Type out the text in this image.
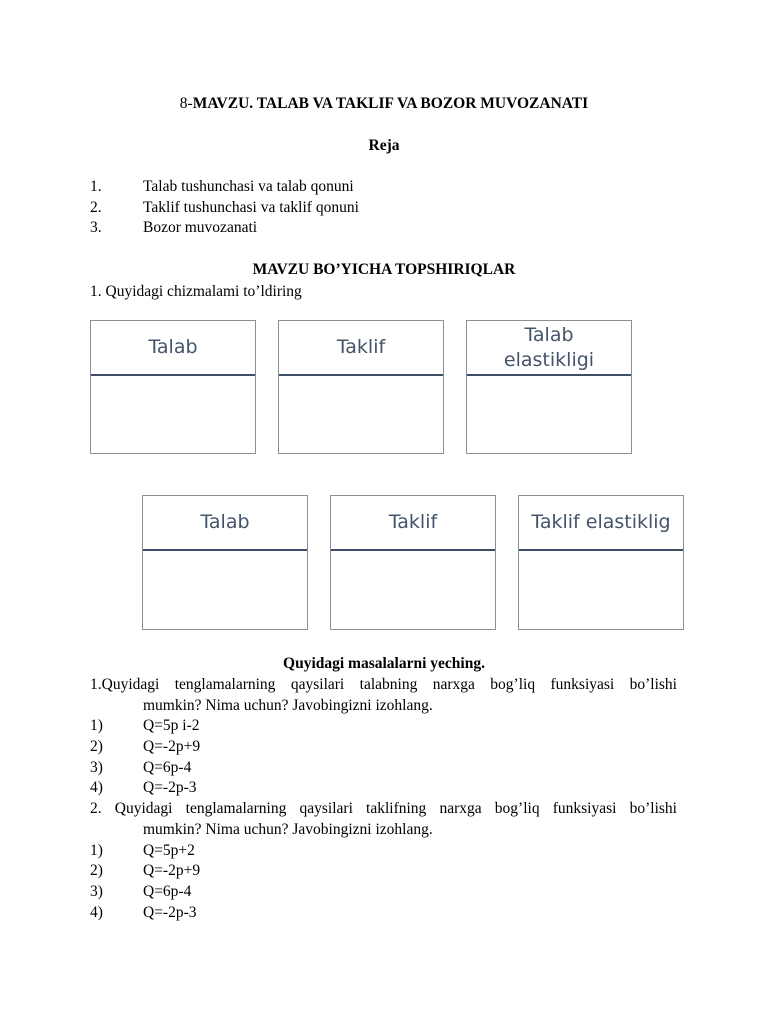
8-MAVZU. TALAB VA TAKLIF VA BOZOR MUVOZANATI
Reja
1.	Talab tushunchasi va talab qonuni
2.	Taklif tushunchasi va taklif qonuni
3.	Bozor muvozanati
MAVZU BO’YICHA TOPSHIRIQLAR
1. Quyidagi chizmalami to’ldiring
Talab	Taklif
Talab
elastikligi
Talab	Taklif	Taklif elastiklig
Quyidagi masalalarni yeching.
1.Quyidagi tenglamalarning qaysilari talabning narxga bog’liq funksiyasi bo’lishi
mumkin? Nima uchun? Javobingizni izohlang.
1)	Q=5p i-2
2)	Q=-2p+9
3)	Q=6p-4
4)	Q=-2p-3
2. Quyidagi tenglamalarning qaysilari taklifning narxga bog’liq funksiyasi bo’lishi
mumkin? Nima uchun? Javobingizni izohlang.
1)	Q=5p+2
2)	Q=-2p+9
3)	Q=6p-4
4)	Q=-2p-3
